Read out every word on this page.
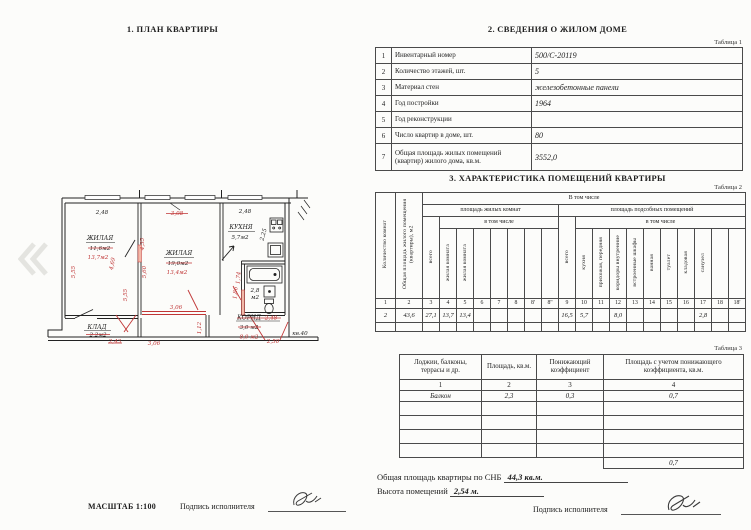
1. ПЛАН КВАРТИРЫ
ЖИЛАЯ
11,6м2
13,7м2
ЖИЛАЯ
19,0м2
13,4м2
КУХНЯ
5,7м2
2,8
м2
КЛАД
2,2м2
КОРИД 2,48
3,0 м2
8,0 м2
кв.40
2,48	3,08	2,48
2,25
5,55
4,69
4,35
5,60
5,55
3,06
2,43	3,06
1,12
1,86
1,74
2,50
МАСШТАБ 1:100	Подпись исполнителя
2. СВЕДЕНИЯ О ЖИЛОМ ДОМЕ
Таблица 1
1	Инвентарный номер	500/С-20119
2	Количество этажей, шт.	5
3	Материал стен	железобетонные панели
4	Год постройки	1964
5	Год реконструкции	
6	Число квартир в доме, шт.	80
7	Общая площадь жилых помещений (квартир) жилого дома, кв.м.	3552,0
3. ХАРАКТЕРИСТИКА ПОМЕЩЕНИЙ КВАРТИРЫ
Таблица 2
Количество комнат	Общая площадь жилого помещения (квартиры), м2	В том числе																		
		площадь жилых комнат								площадь подсобных помещений										
		всего	в том числе							всего	в том числе									
			жилая комната	жилая комната							кухня	прихожая, передняя	коридоры внутренние	встроенные шкафы	ванная	туалет	кладовая	санузел		
1	2	3	4	5	6	7	8	8'	8''	9	10	11	12	13	14	15	16	17	18	18'
2	43,6	27,1	13,7	13,4						16,5	5,7		8,0					2,8		

Таблица 3
Лоджии, балконы, террасы и др.	Площадь, кв.м.	Понижающий коэффициент	Площадь с учетом понижающего коэффициента, кв.м.
1	2	3	4
Балкон	2,3	0,3	0,7

			0,7
Общая площадь квартиры по СНБ 44,3 кв.м.
Высота помещений 2,54 м.
Подпись исполнителя
